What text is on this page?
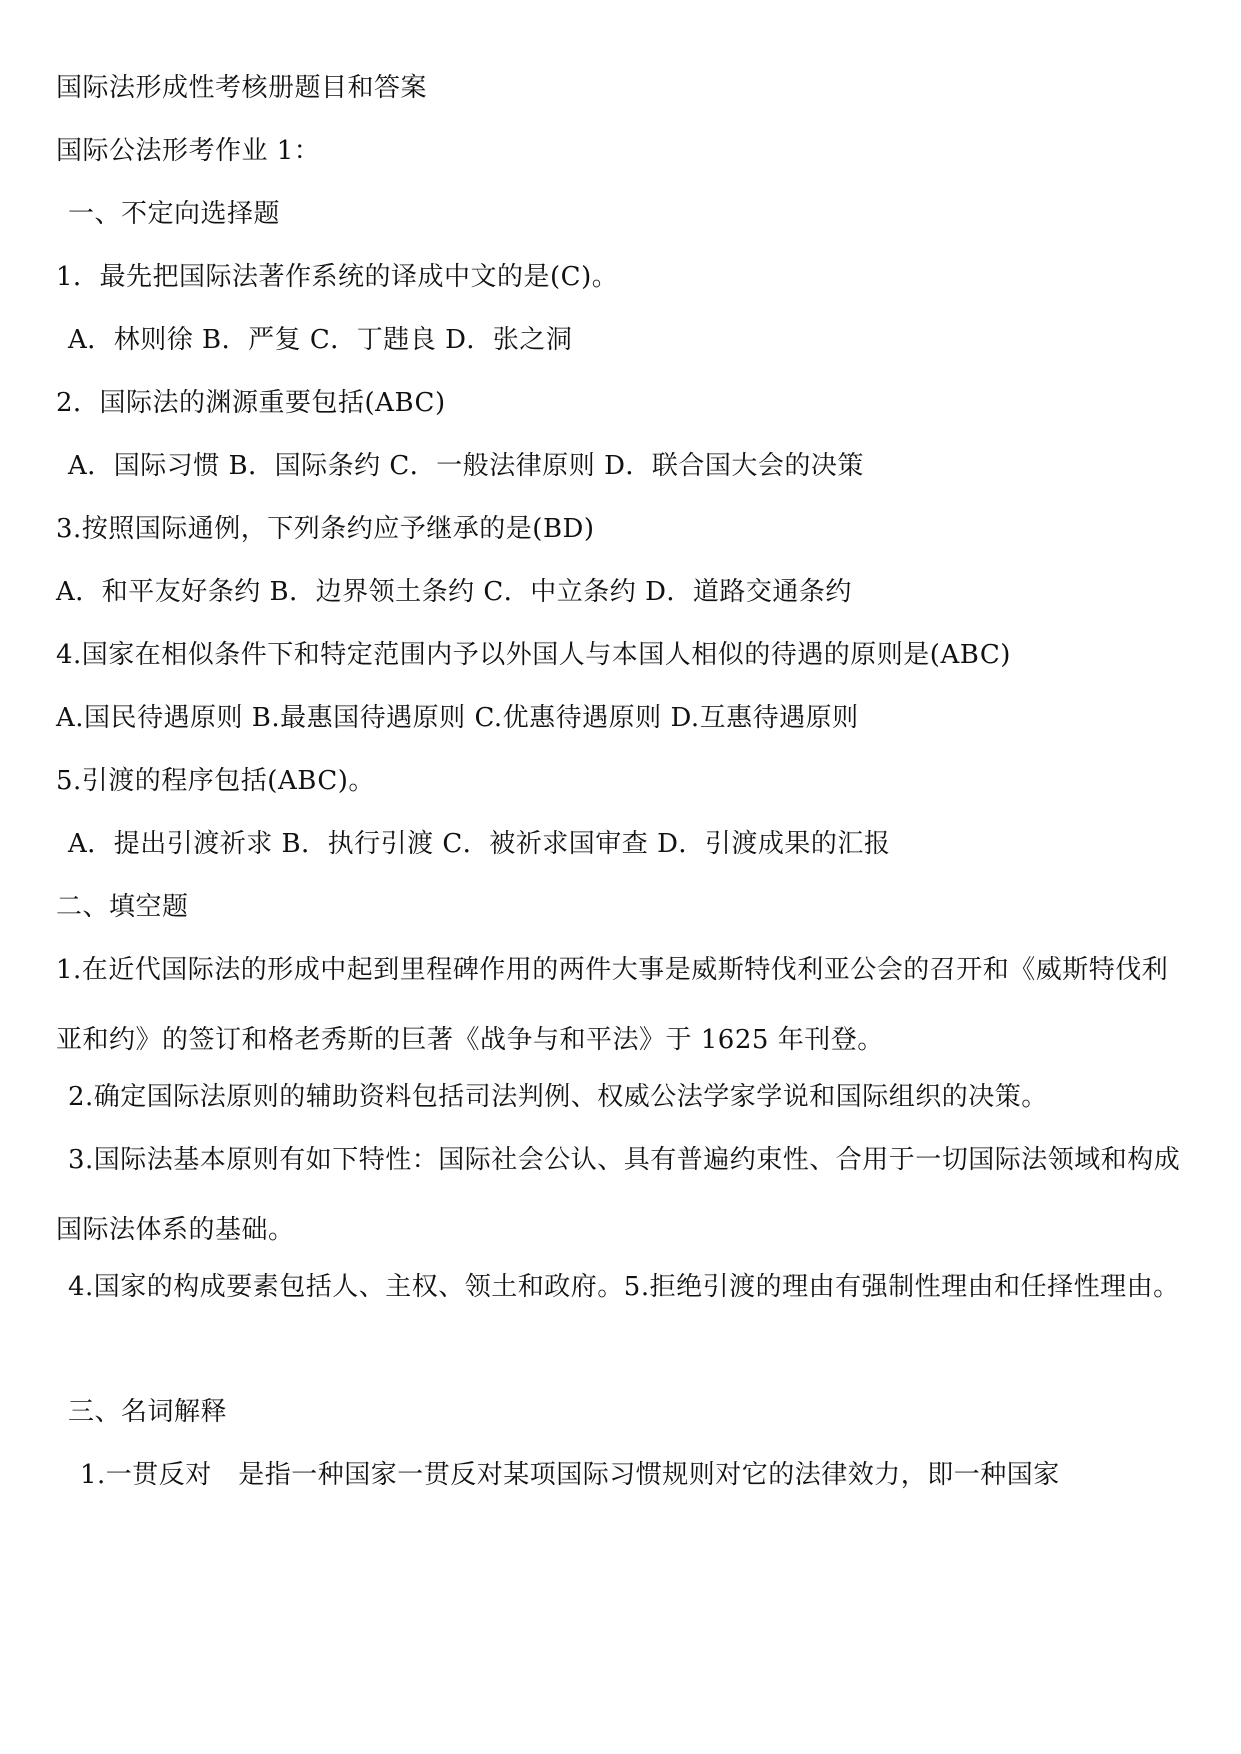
国际法形成性考核册题目和答案
国际公法形考作业 1：
一、不定向选择题
1．最先把国际法著作系统的译成中文的是(C)。
A．林则徐 B．严复 C．丁韪良 D．张之洞
2．国际法的渊源重要包括(ABC)
A．国际习惯 B．国际条约 C．一般法律原则 D．联合国大会的决策
3.按照国际通例，下列条约应予继承的是(BD)
A．和平友好条约 B．边界领土条约 C．中立条约 D．道路交通条约
4.国家在相似条件下和特定范围内予以外国人与本国人相似的待遇的原则是(ABC)
A.国民待遇原则 B.最惠国待遇原则 C.优惠待遇原则 D.互惠待遇原则
5.引渡的程序包括(ABC)。
A．提出引渡祈求 B．执行引渡 C．被祈求国审查 D．引渡成果的汇报
二、填空题
1.在近代国际法的形成中起到里程碑作用的两件大事是威斯特伐利亚公会的召开和《威斯特伐利亚和约》的签订和格老秀斯的巨著《战争与和平法》于 1625 年刊登。
2.确定国际法原则的辅助资料包括司法判例、权威公法学家学说和国际组织的决策。
3.国际法基本原则有如下特性：国际社会公认、具有普遍约束性、合用于一切国际法领域和构成国际法体系的基础。
4.国家的构成要素包括人、主权、领土和政府。5.拒绝引渡的理由有强制性理由和任择性理由。
三、名词解释
1.一贯反对　是指一种国家一贯反对某项国际习惯规则对它的法律效力，即一种国家
